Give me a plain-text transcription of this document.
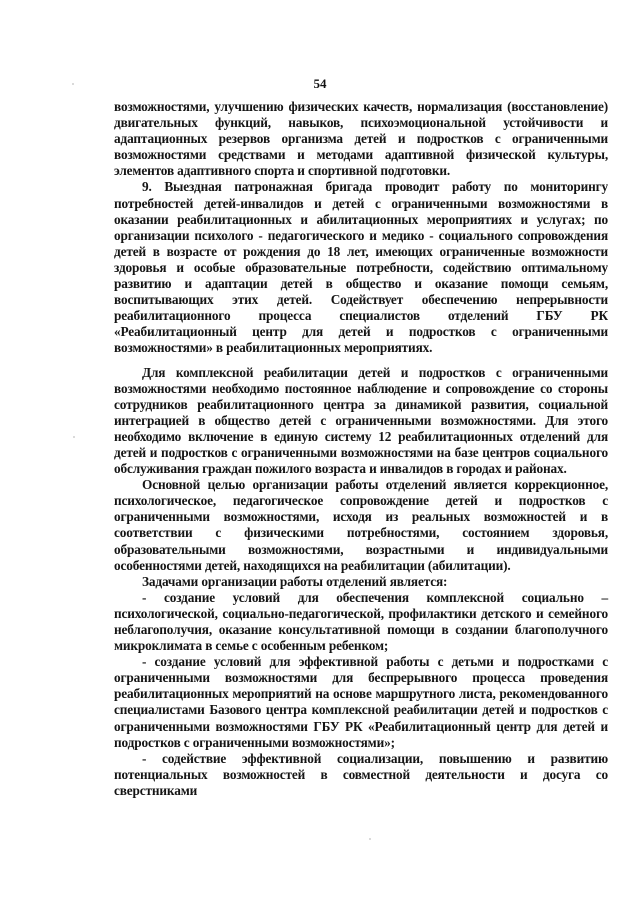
54

возможностями, улучшению физических качеств, нормализация (восстановление) двигательных функций, навыков, психоэмоциональной устойчивости и адаптационных резервов организма детей и подростков с ограниченными возможностями средствами и методами адаптивной физической культуры, элементов адаптивного спорта и спортивной подготовки.

9. Выездная патронажная бригада проводит работу по мониторингу потребностей детей-инвалидов и детей с ограниченными возможностями в оказании реабилитационных и абилитационных мероприятиях и услугах; по организации психолого - педагогического и медико - социального сопровождения детей в возрасте от рождения до 18 лет, имеющих ограниченные возможности здоровья и особые образовательные потребности, содействию оптимальному развитию и адаптации детей в общество и оказание помощи семьям, воспитывающих этих детей. Содействует обеспечению непрерывности реабилитационного процесса специалистов отделений ГБУ РК «Реабилитационный центр для детей и подростков с ограниченными возможностями» в реабилитационных мероприятиях.

Для комплексной реабилитации детей и подростков с ограниченными возможностями необходимо постоянное наблюдение и сопровождение со стороны сотрудников реабилитационного центра за динамикой развития, социальной интеграцией в общество детей с ограниченными возможностями. Для этого необходимо включение в единую систему 12 реабилитационных отделений для детей и подростков с ограниченными возможностями на базе центров социального обслуживания граждан пожилого возраста и инвалидов в городах и районах.

Основной целью организации работы отделений является коррекционное, психологическое, педагогическое сопровождение детей и подростков с ограниченными возможностями, исходя из реальных возможностей и в соответствии с физическими потребностями, состоянием здоровья, образовательными возможностями, возрастными и индивидуальными особенностями детей, находящихся на реабилитации (абилитации).

Задачами организации работы отделений является:

- создание условий для обеспечения комплексной социально – психологической, социально-педагогической, профилактики детского и семейного неблагополучия, оказание консультативной помощи в создании благополучного микроклимата в семье с особенным ребенком;

- создание условий для эффективной работы с детьми и подростками с ограниченными возможностями для беспрерывного процесса проведения реабилитационных мероприятий на основе маршрутного листа, рекомендованного специалистами Базового центра комплексной реабилитации детей и подростков с ограниченными возможностями ГБУ РК «Реабилитационный центр для детей и подростков с ограниченными возможностями»;

- содействие эффективной социализации, повышению и развитию потенциальных возможностей в совместной деятельности и досуга со сверстниками
